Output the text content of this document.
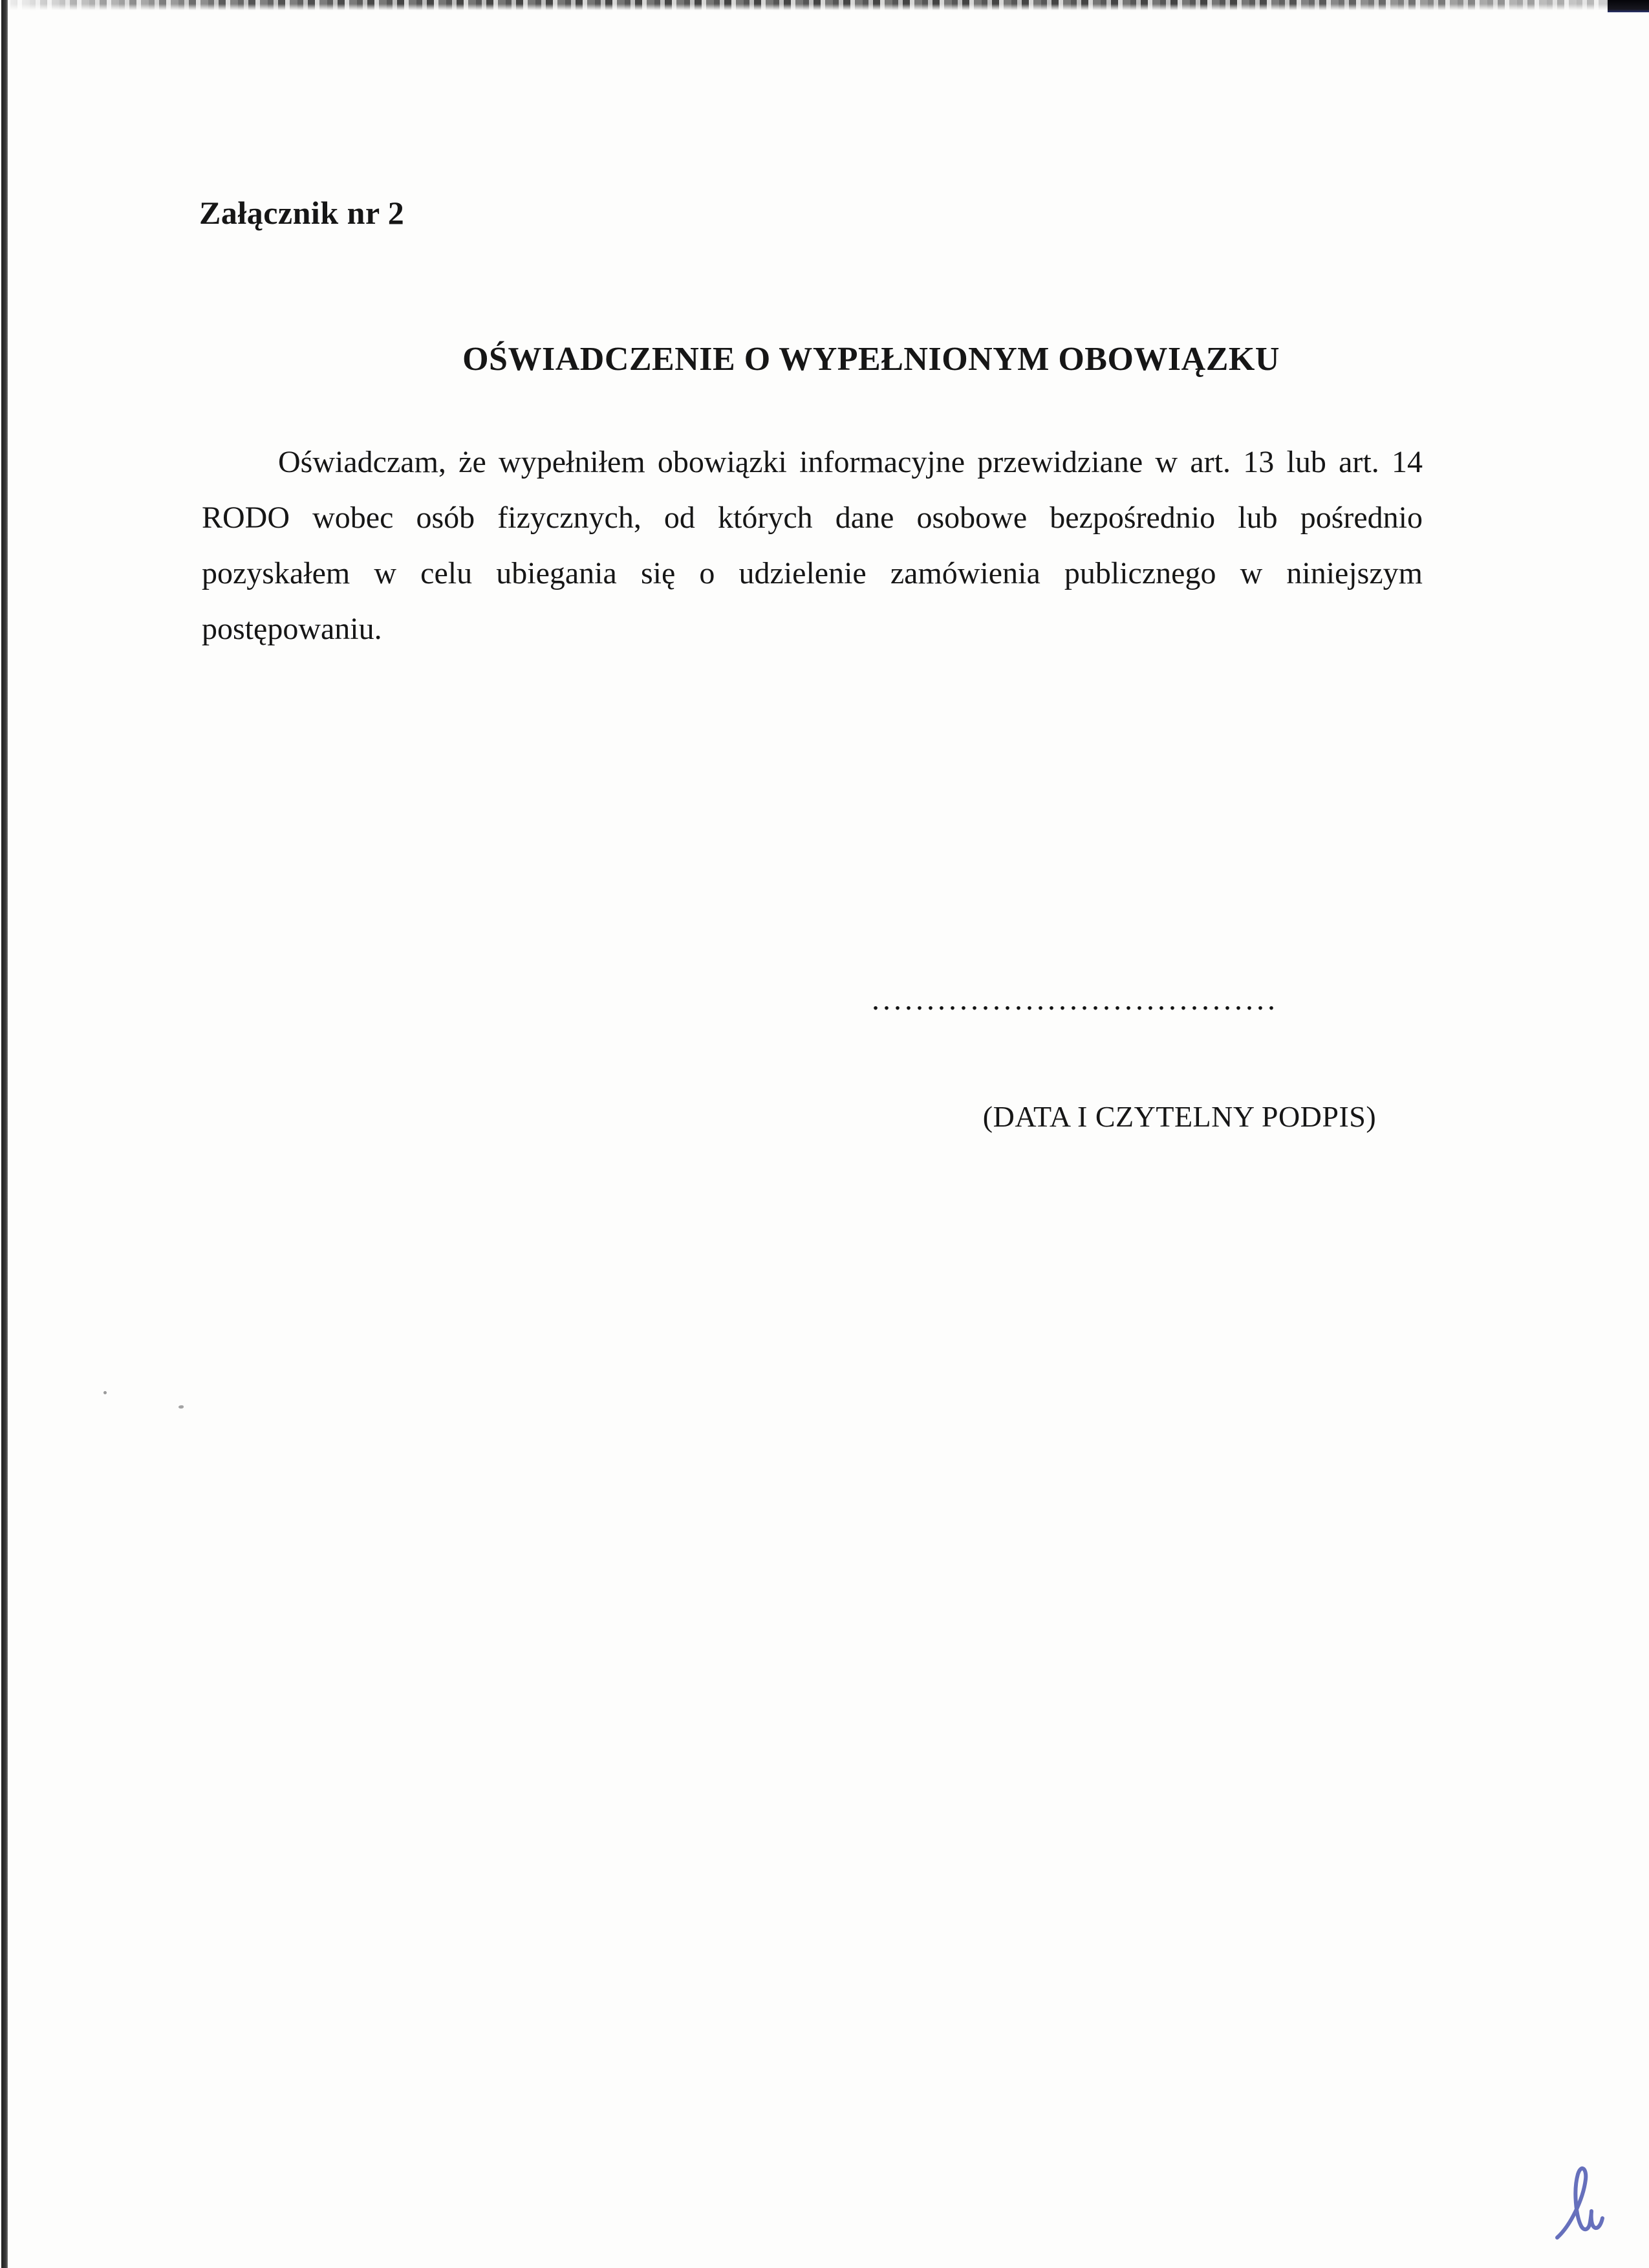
Załącznik nr 2
OŚWIADCZENIE O WYPEŁNIONYM OBOWIĄZKU
Oświadczam, że wypełniłem obowiązki informacyjne przewidziane w art. 13 lub art. 14
RODO wobec osób fizycznych, od których dane osobowe bezpośrednio lub pośrednio
pozyskałem w celu ubiegania się o udzielenie zamówienia publicznego w niniejszym
postępowaniu.
.....................................
(DATA I CZYTELNY PODPIS)
